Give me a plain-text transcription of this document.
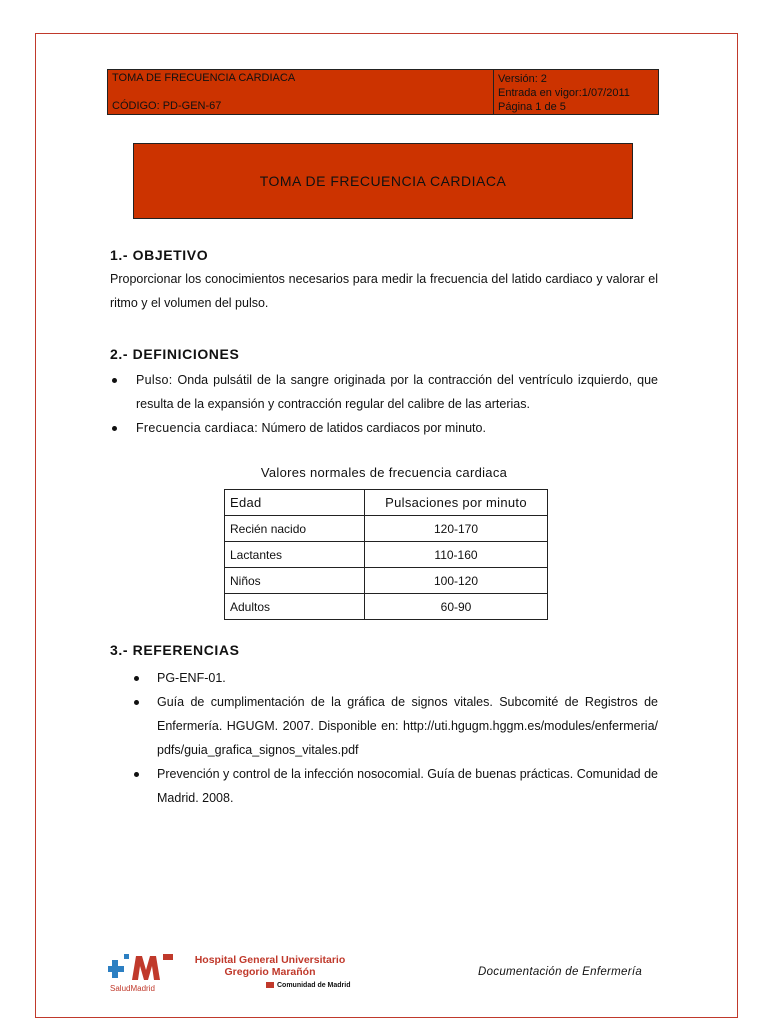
TOMA DE FRECUENCIA CARDIACA
CÓDIGO: PD-GEN-67
Versión: 2
Entrada en vigor:1/07/2011
Página 1 de 5
TOMA DE FRECUENCIA CARDIACA
1.- OBJETIVO

Proporcionar los conocimientos necesarios para medir la frecuencia del latido cardiaco y valorar el ritmo y el volumen del pulso.

2.- DEFINICIONES
Pulso: Onda pulsátil de la sangre originada por la contracción del ventrículo izquierdo, que resulta de la expansión y contracción regular del calibre de las arterias.
Frecuencia cardiaca: Número de latidos cardiacos por minuto.
Valores normales de frecuencia cardiaca
Edad	Pulsaciones por minuto
Recién nacido	120-170
Lactantes	110-160
Niños	100-120
Adultos	60-90
3.- REFERENCIAS
PG-ENF-01.
Guía de cumplimentación de la gráfica de signos vitales. Subcomité de Registros de Enfermería. HGUGM. 2007. Disponible en: http://uti.hgugm.hggm.es/modules/enfermeria/pdfs/guia_grafica_signos_vitales.pdf
Prevención y control de la infección nosocomial. Guía de buenas prácticas. Comunidad de Madrid. 2008.
SaludMadrid
Hospital General Universitario
Gregorio Marañón
Comunidad de Madrid
Documentación de Enfermería
